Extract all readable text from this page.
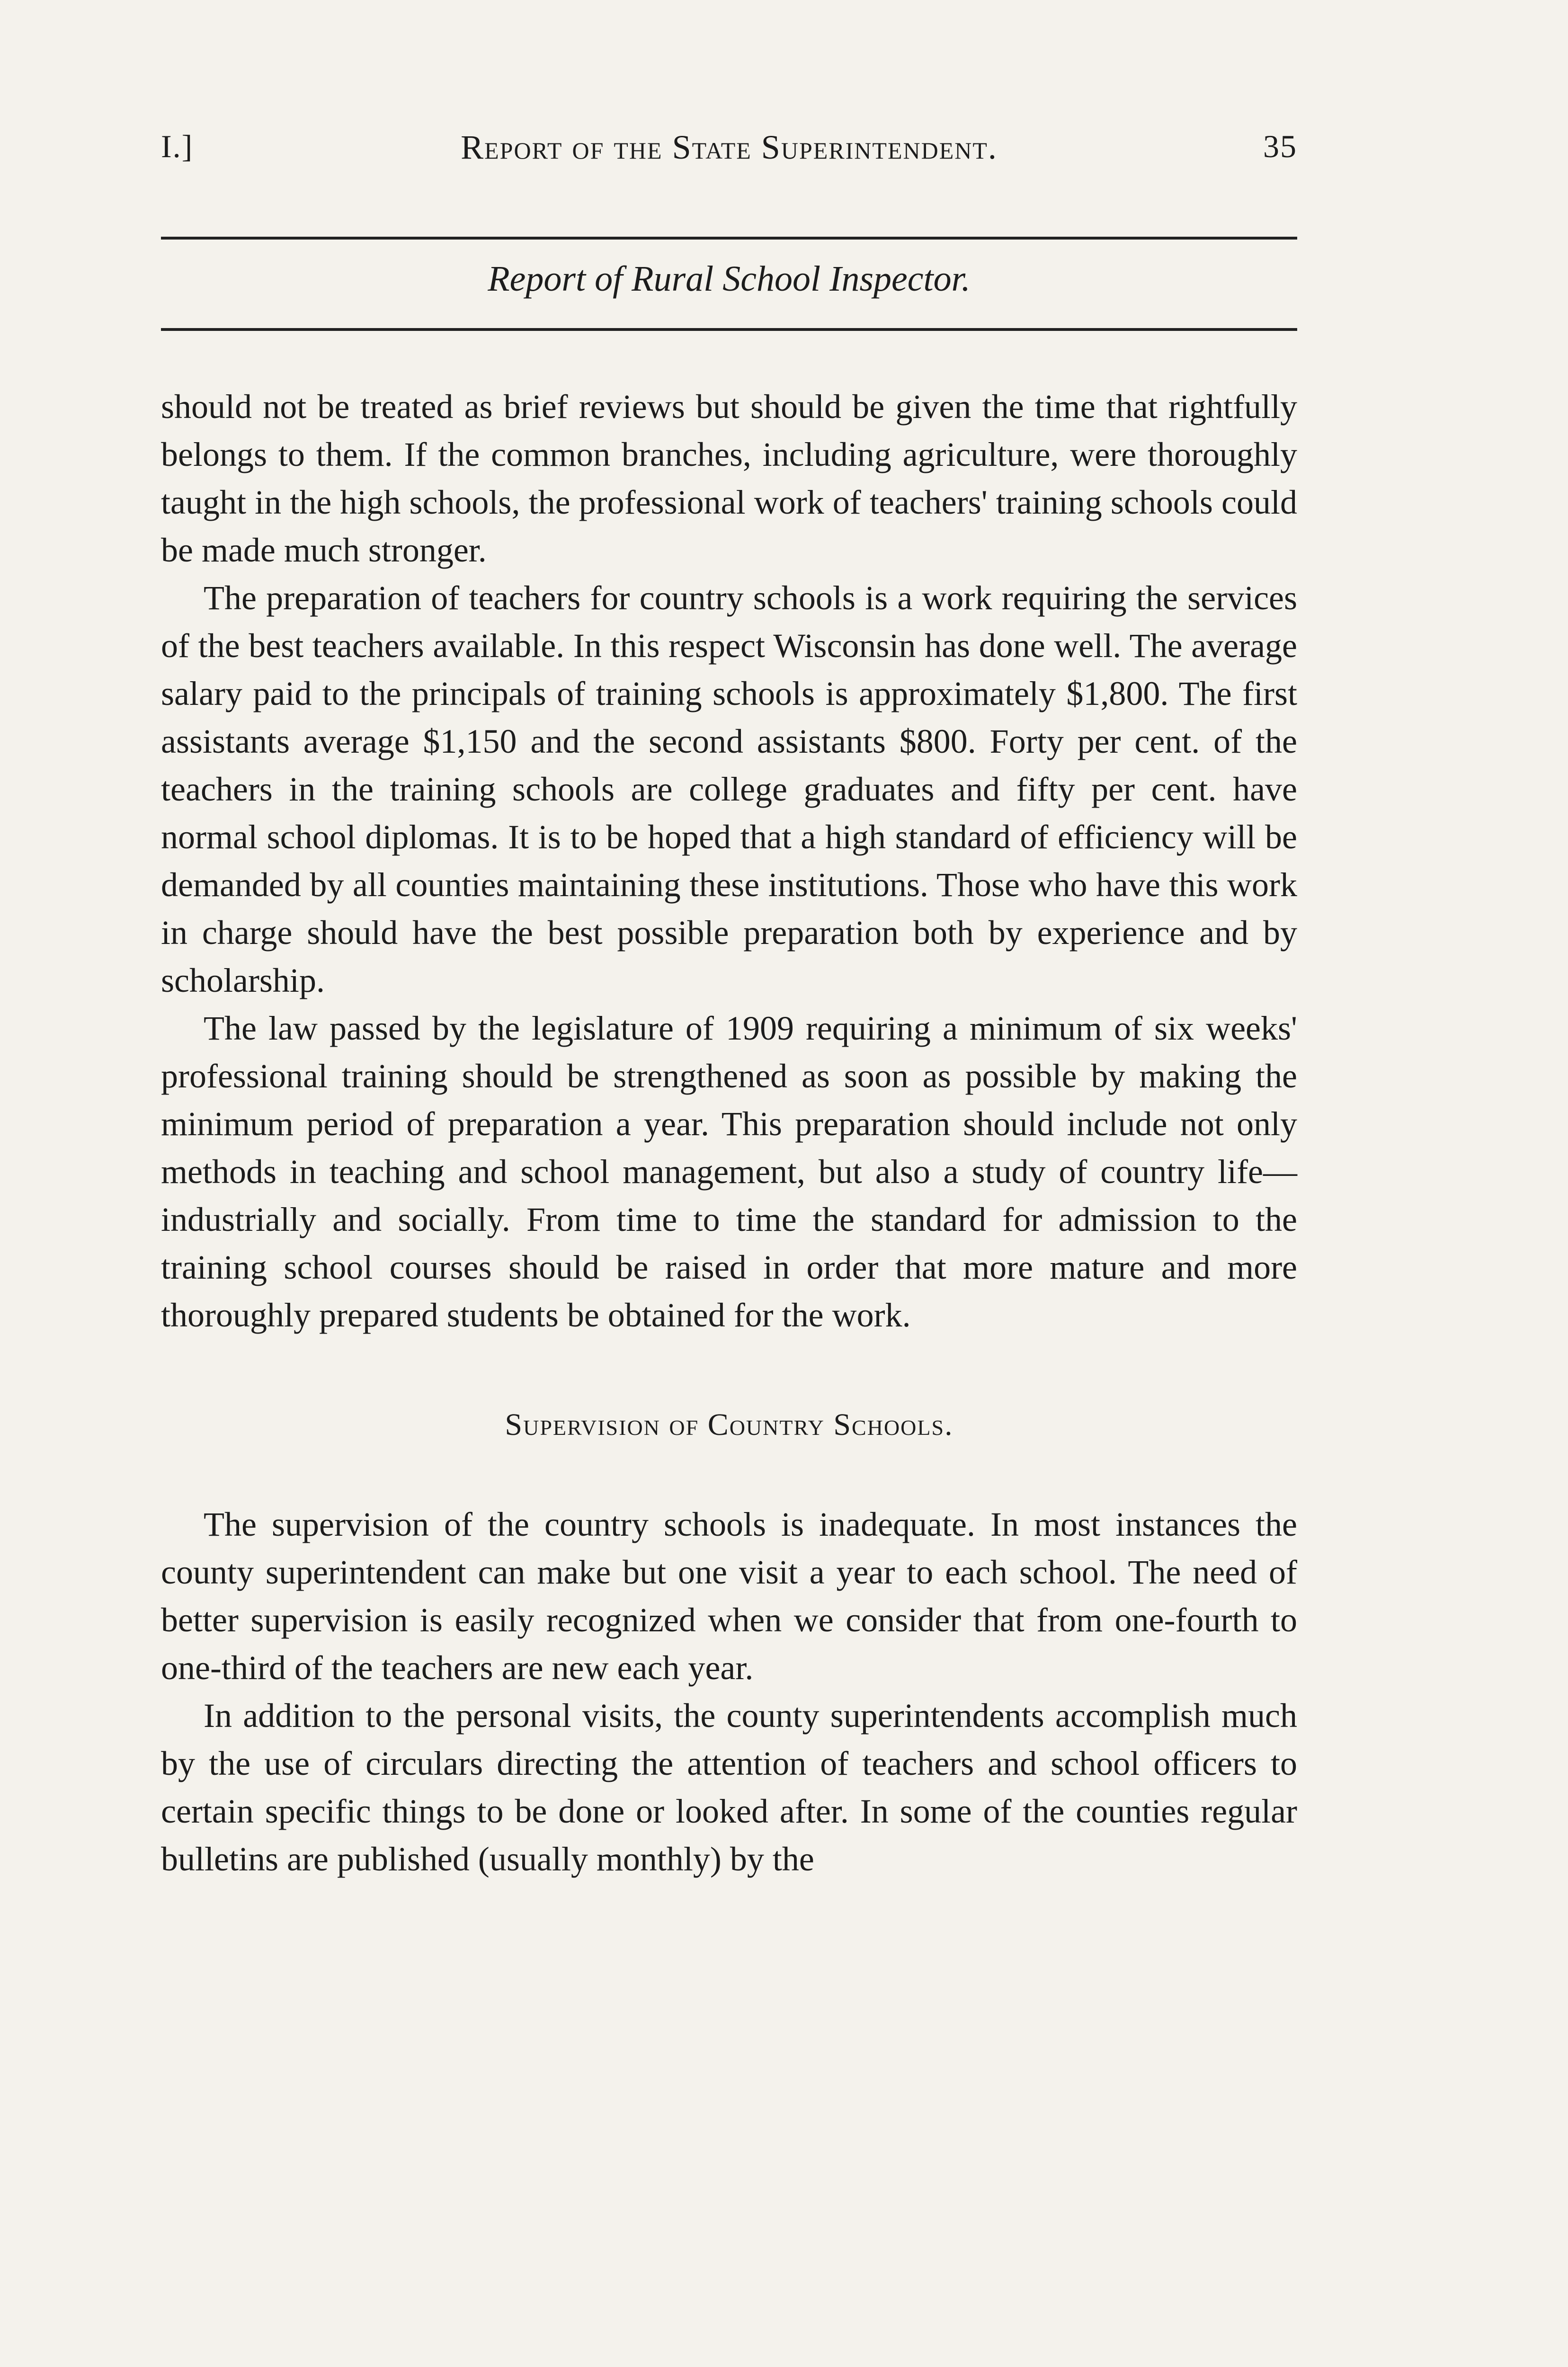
I.]	Report of the State Superintendent.	35
Report of Rural School Inspector.

should not be treated as brief reviews but should be given the time that rightfully belongs to them. If the common branches, including agriculture, were thoroughly taught in the high schools, the professional work of teachers' training schools could be made much stronger.

The preparation of teachers for country schools is a work requiring the services of the best teachers available. In this respect Wisconsin has done well. The average salary paid to the principals of training schools is approximately $1,800. The first assistants average $1,150 and the second assistants $800. Forty per cent. of the teachers in the training schools are college graduates and fifty per cent. have normal school diplomas. It is to be hoped that a high standard of efficiency will be demanded by all counties maintaining these institutions. Those who have this work in charge should have the best possible preparation both by experience and by scholarship.

The law passed by the legislature of 1909 requiring a minimum of six weeks' professional training should be strengthened as soon as possible by making the minimum period of preparation a year. This preparation should include not only methods in teaching and school management, but also a study of country life—industrially and socially. From time to time the standard for admission to the training school courses should be raised in order that more mature and more thoroughly prepared students be obtained for the work.

Supervision of Country Schools.

The supervision of the country schools is inadequate. In most instances the county superintendent can make but one visit a year to each school. The need of better supervision is easily recognized when we consider that from one-fourth to one-third of the teachers are new each year.

In addition to the personal visits, the county superintendents accomplish much by the use of circulars directing the attention of teachers and school officers to certain specific things to be done or looked after. In some of the counties regular bulletins are published (usually monthly) by the
